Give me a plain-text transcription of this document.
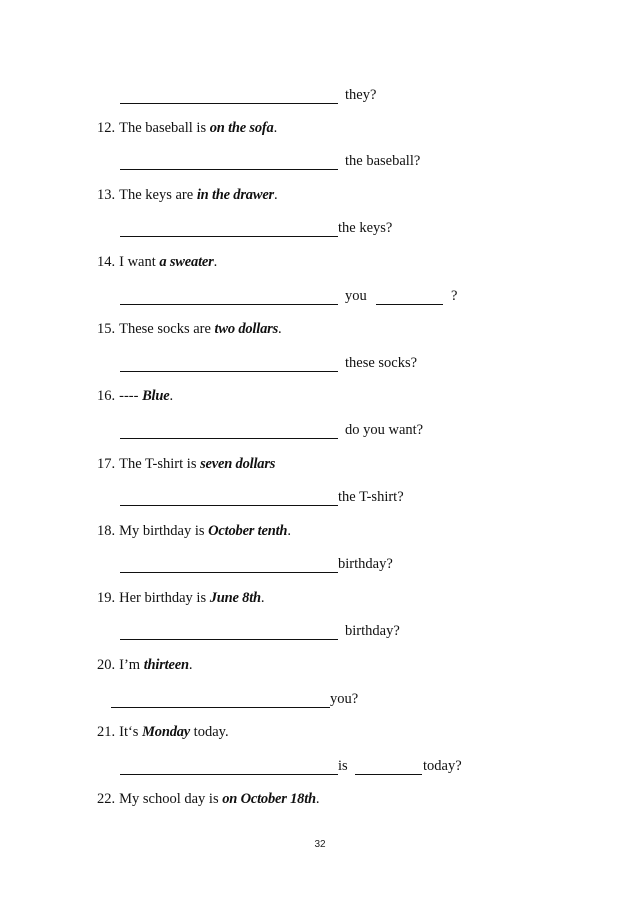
they?
12. The baseball is on the sofa.
the baseball?
13. The keys are in the drawer.
the keys?
14. I want a sweater.
you	?
15. These socks are two dollars.
these socks?
16. ---- Blue.
do you want?
17. The T-shirt is seven dollars
the T-shirt?
18. My birthday is October tenth.
birthday?
19. Her birthday is June 8th.
birthday?
20. I’m thirteen.
you?
21. It‘s Monday today.
is	today?
22. My school day is on October 18th.
32
